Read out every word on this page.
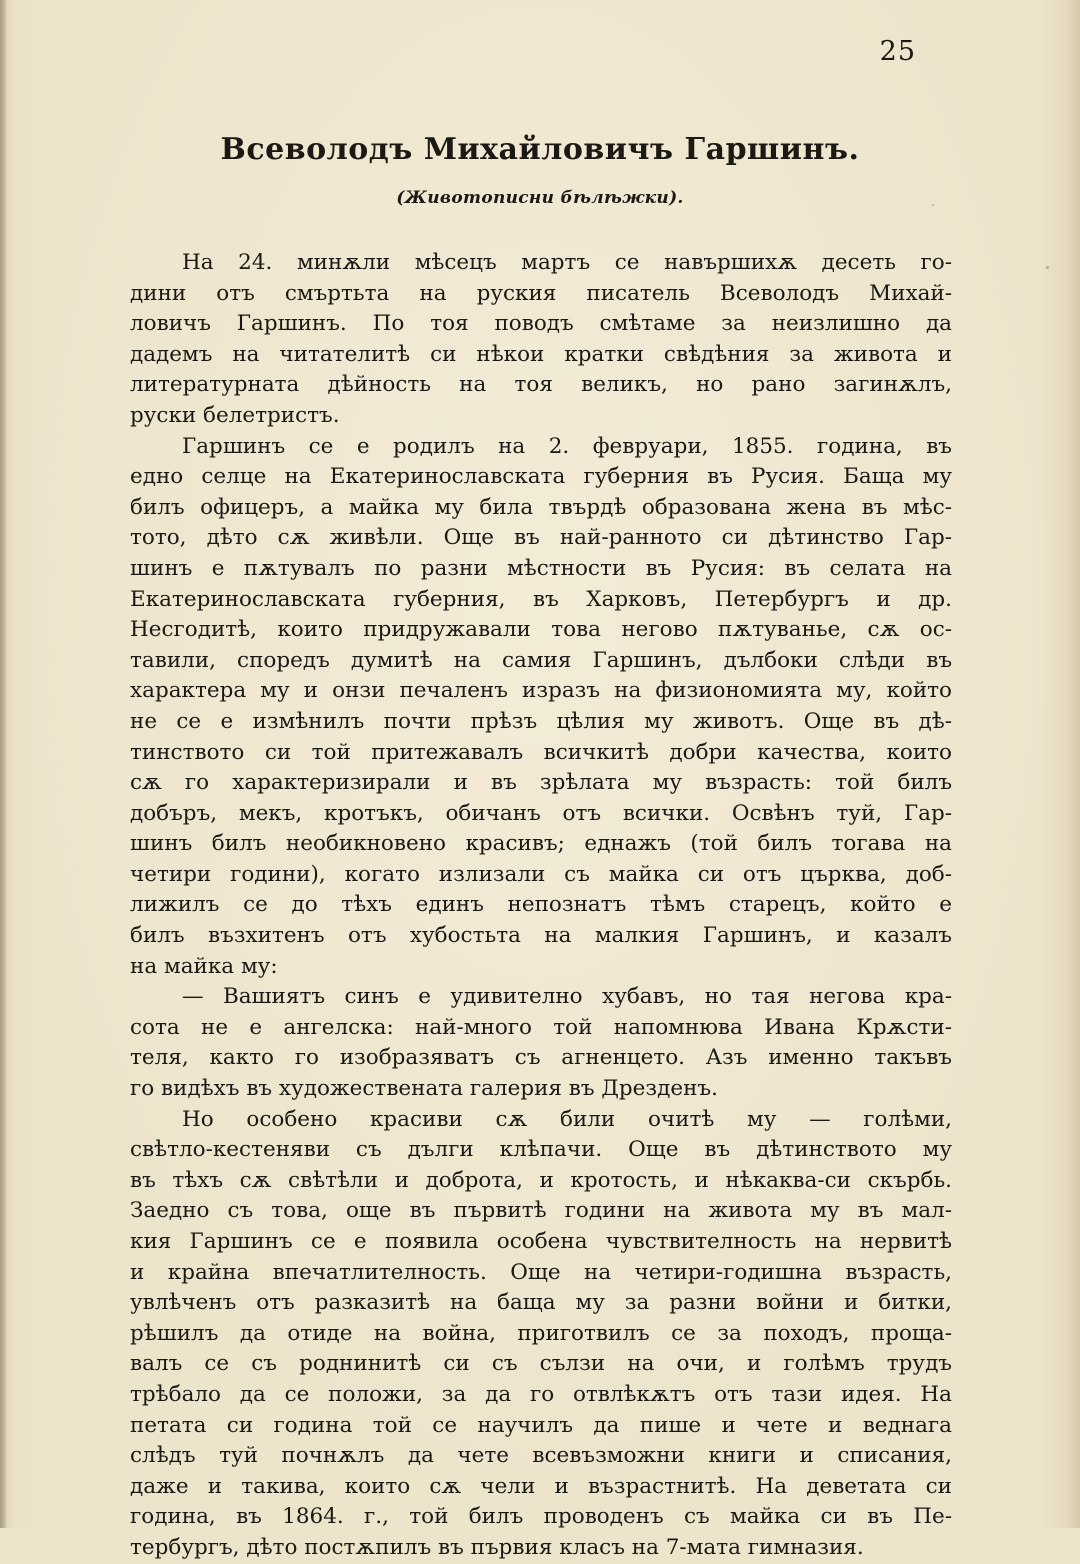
25
Всеволодъ Михайловичъ Гаршинъ.
(Животописни бѣлѣжки).
На 24. минѫли мѣсецъ мартъ се навършихѫ десеть го-
дини отъ смъртьта на руския писатель Всеволодъ Михай-
ловичъ Гаршинъ. По тоя поводъ смѣтаме за неизлишно да
дадемъ на читателитѣ си нѣкои кратки свѣдѣния за живота и
литературната дѣйность на тоя великъ, но рано загинѫлъ,
руски белетристъ.
Гаршинъ се е родилъ на 2. февруари, 1855. година, въ
едно селце на Екатеринославската губерния въ Русия. Баща му
билъ офицеръ, а майка му била твърдѣ образована жена въ мѣс-
тото, дѣто сѫ живѣли. Още въ най-ранното си дѣтинство Гар-
шинъ е пѫтувалъ по разни мѣстности въ Русия: въ селата на
Екатеринославската губерния, въ Харковъ, Петербургъ и др.
Несгодитѣ, които придружавали това негово пѫтуванье, сѫ ос-
тавили, споредъ думитѣ на самия Гаршинъ, дълбоки слѣди въ
характера му и онзи печаленъ изразъ на физиономията му, който
не се е измѣнилъ почти прѣзъ цѣлия му животъ. Още въ дѣ-
тинството си той притежавалъ всичкитѣ добри качества, които
сѫ го характеризирали и въ зрѣлата му възрасть: той билъ
добъръ, мекъ, кротъкъ, обичанъ отъ всички. Освѣнъ туй, Гар-
шинъ билъ необикновено красивъ; еднажъ (той билъ тогава на
четири години), когато излизали съ майка си отъ църква, доб-
лижилъ се до тѣхъ единъ непознатъ тѣмъ старецъ, който е
билъ възхитенъ отъ хубостьта на малкия Гаршинъ, и казалъ
на майка му:
— Вашиятъ синъ е удивително хубавъ, но тая негова кра-
сота не е ангелска: най-много той напомнюва Ивана Крѫсти-
теля, както го изобразяватъ съ агненцето. Азъ именно такъвъ
го видѣхъ въ художествената галерия въ Дрезденъ.
Но особено красиви сѫ били очитѣ му — голѣми,
свѣтло-кестеняви съ дълги клѣпачи. Още въ дѣтинството му
въ тѣхъ сѫ свѣтѣли и доброта, и кротость, и нѣкаква-си скърбь.
Заедно съ това, още въ първитѣ години на живота му въ мал-
кия Гаршинъ се е появила особена чувствителность на нервитѣ
и крайна впечатлителность. Още на четири-годишна възрасть,
увлѣченъ отъ разказитѣ на баща му за разни войни и битки,
рѣшилъ да отиде на война, приготвилъ се за походъ, проща-
валъ се съ роднинитѣ си съ сълзи на очи, и голѣмъ трудъ
трѣбало да се положи, за да го отвлѣкѫтъ отъ тази идея. На
петата си година той се научилъ да пише и чете и веднага
слѣдъ туй почнѫлъ да чете всевъзможни книги и списания,
даже и такива, които сѫ чели и възрастнитѣ. На деветата си
година, въ 1864. г., той билъ проводенъ съ майка си въ Пе-
тербургъ, дѣто постѫпилъ въ първия класъ на 7-мата гимназия.
